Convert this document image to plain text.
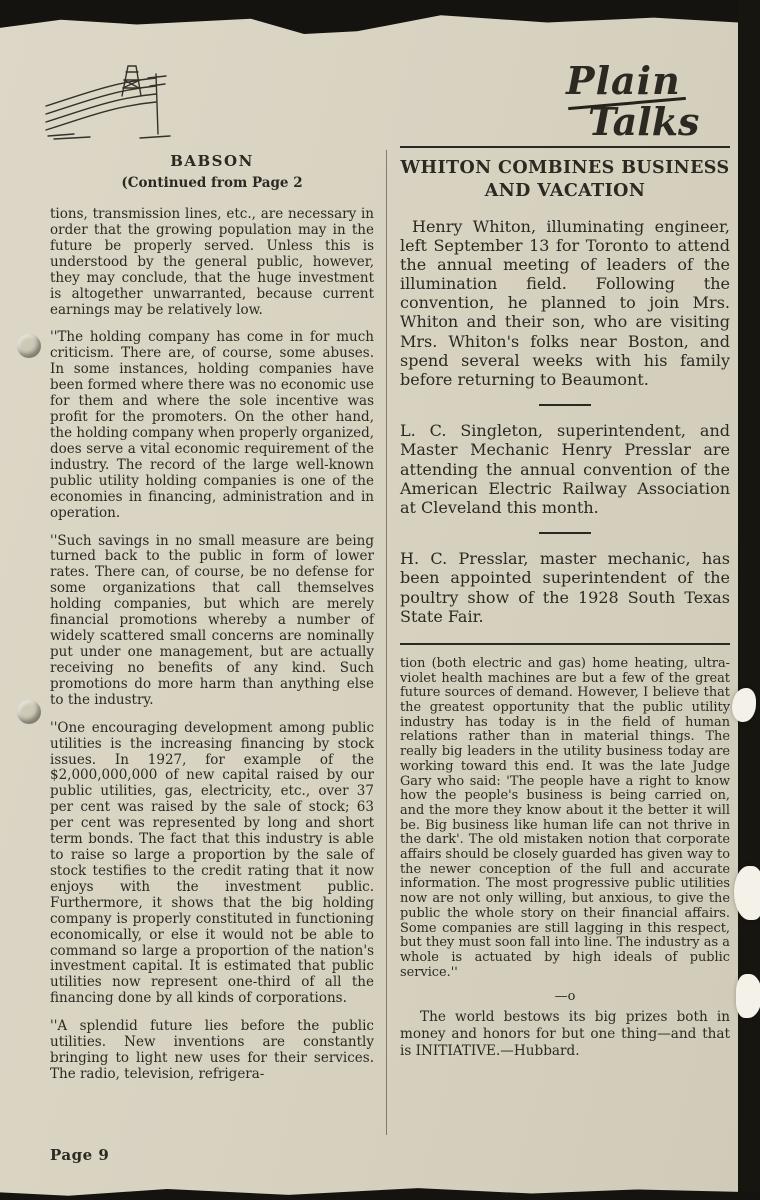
Plain
Talks
BABSON
(Continued from Page 2

tions, transmission lines, etc., are necessary in order that the growing population may in the future be properly served. Unless this is understood by the general public, however, they may conclude, that the huge investment is altogether unwarranted, because current earnings may be relatively low.

''The holding company has come in for much criticism. There are, of course, some abuses. In some instances, holding companies have been formed where there was no economic use for them and where the sole incentive was profit for the promoters. On the other hand, the holding company when properly organized, does serve a vital economic requirement of the industry. The record of the large well-known public utility holding companies is one of the economies in financing, administration and in operation.

''Such savings in no small measure are being turned back to the public in form of lower rates. There can, of course, be no defense for some organizations that call themselves holding companies, but which are merely financial promotions whereby a number of widely scattered small concerns are nominally put under one management, but are actually receiving no benefits of any kind. Such promotions do more harm than anything else to the industry.

''One encouraging development among public utilities is the increasing financing by stock issues. In 1927, for example of the $2,000,000,000 of new capital raised by our public utilities, gas, electricity, etc., over 37 per cent was raised by the sale of stock; 63 per cent was represented by long and short term bonds. The fact that this industry is able to raise so large a proportion by the sale of stock testifies to the credit rating that it now enjoys with the investment public. Furthermore, it shows that the big holding company is properly constituted in functioning economically, or else it would not be able to command so large a proportion of the nation's investment capital. It is estimated that public utilities now represent one-third of all the financing done by all kinds of corporations.

''A splendid future lies before the public utilities. New inventions are constantly bringing to light new uses for their services. The radio, television, refrigera-

WHITON COMBINES BUSINESS AND VACATION

Henry Whiton, illuminating engineer, left September 13 for Toronto to attend the annual meeting of leaders of the illumination field. Following the convention, he planned to join Mrs. Whiton and their son, who are visiting Mrs. Whiton's folks near Boston, and spend several weeks with his family before returning to Beaumont.

L. C. Singleton, superintendent, and Master Mechanic Henry Presslar are attending the annual convention of the American Electric Railway Association at Cleveland this month.

H. C. Presslar, master mechanic, has been appointed superintendent of the poultry show of the 1928 South Texas State Fair.

tion (both electric and gas) home heating, ultra-violet health machines are but a few of the great future sources of demand. However, I believe that the greatest opportunity that the public utility industry has today is in the field of human relations rather than in material things. The really big leaders in the utility business today are working toward this end. It was the late Judge Gary who said: 'The people have a right to know how the people's business is being carried on, and the more they know about it the better it will be. Big business like human life can not thrive in the dark'. The old mistaken notion that corporate affairs should be closely guarded has given way to the newer conception of the full and accurate information. The most progressive public utilities now are not only willing, but anxious, to give the public the whole story on their financial affairs. Some companies are still lagging in this respect, but they must soon fall into line. The industry as a whole is actuated by high ideals of public service.''

— o

The world bestows its big prizes both in money and honors for but one thing—and that is INITIATIVE.—Hubbard.

Page 9
